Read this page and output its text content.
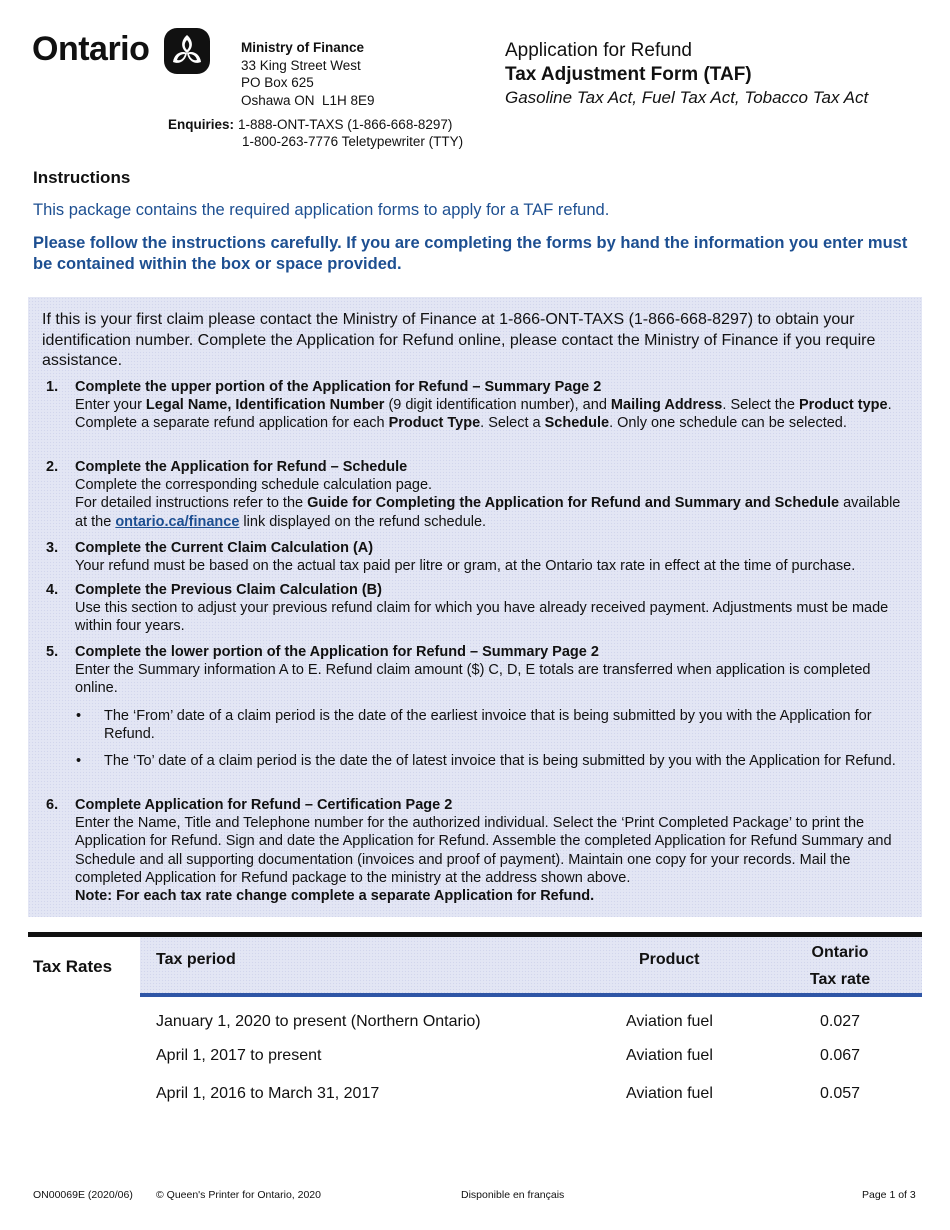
Ontario	Ministry of Finance
33 King Street West
PO Box 625
Oshawa ON  L1H 8E9
Enquiries: 1-888-ONT-TAXS (1-866-668-8297)
1-800-263-7776 Teletypewriter (TTY)
Application for Refund
Tax Adjustment Form (TAF)
Gasoline Tax Act, Fuel Tax Act, Tobacco Tax Act
Instructions
This package contains the required application forms to apply for a TAF refund.
Please follow the instructions carefully. If you are completing the forms by hand the information you enter must be contained within the box or space provided.
If this is your first claim please contact the Ministry of Finance at 1-866-ONT-TAXS (1-866-668-8297) to obtain your identification number. Complete the Application for Refund online, please contact the Ministry of Finance if you require assistance.
1. Complete the upper portion of the Application for Refund – Summary Page 2
Enter your Legal Name, Identification Number (9 digit identification number), and Mailing Address. Select the Product type. Complete a separate refund application for each Product Type. Select a Schedule. Only one schedule can be selected.
2. Complete the Application for Refund – Schedule
Complete the corresponding schedule calculation page.
For detailed instructions refer to the Guide for Completing the Application for Refund and Summary and Schedule available at the ontario.ca/finance link displayed on the refund schedule.
3. Complete the Current Claim Calculation (A)
Your refund must be based on the actual tax paid per litre or gram, at the Ontario tax rate in effect at the time of purchase.
4. Complete the Previous Claim Calculation (B)
Use this section to adjust your previous refund claim for which you have already received payment. Adjustments must be made within four years.
5. Complete the lower portion of the Application for Refund – Summary Page 2
Enter the Summary information A to E. Refund claim amount ($) C, D, E totals are transferred when application is completed online.
• The ‘From’ date of a claim period is the date of the earliest invoice that is being submitted by you with the Application for Refund.
• The ‘To’ date of a claim period is the date the of latest invoice that is being submitted by you with the Application for Refund.
6. Complete Application for Refund – Certification Page 2
Enter the Name, Title and Telephone number for the authorized individual. Select the ‘Print Completed Package’ to print the Application for Refund. Sign and date the Application for Refund. Assemble the completed Application for Refund Summary and Schedule and all supporting documentation (invoices and proof of payment). Maintain one copy for your records. Mail the completed Application for Refund package to the ministry at the address shown above.
Note: For each tax rate change complete a separate Application for Refund.
Tax Rates	Tax period	Product	Ontario
Tax rate
January 1, 2020 to present (Northern Ontario)	Aviation fuel	0.027
April 1, 2017 to present	Aviation fuel	0.067
April 1, 2016 to March 31, 2017	Aviation fuel	0.057
ON00069E (2020/06) © Queen's Printer for Ontario, 2020	Disponible en français	Page 1 of 3
